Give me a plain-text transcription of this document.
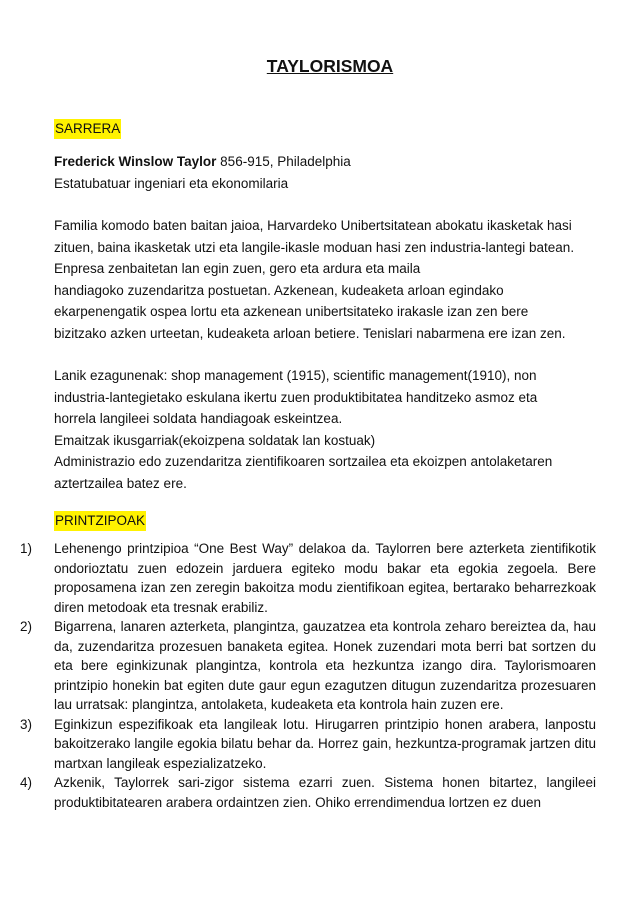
TAYLORISMOA
SARRERA

Frederick Winslow Taylor 856-915, Philadelphia

Estatubatuar ingeniari eta ekonomilaria

Familia komodo baten baitan jaioa, Harvardeko Unibertsitatean abokatu ikasketak hasi

zituen, baina ikasketak utzi eta langile-ikasle moduan hasi zen industria-lantegi batean.

Enpresa zenbaitetan lan egin zuen, gero eta ardura eta maila

handiagoko zuzendaritza postuetan. Azkenean, kudeaketa arloan egindako

ekarpenengatik ospea lortu eta azkenean unibertsitateko irakasle izan zen bere

bizitzako azken urteetan, kudeaketa arloan betiere. Tenislari nabarmena ere izan zen.

Lanik ezagunenak: shop management (1915), scientific management(1910), non

industria-lantegietako eskulana ikertu zuen produktibitatea handitzeko asmoz eta

horrela langileei soldata handiagoak eskeintzea.

Emaitzak ikusgarriak(ekoizpena soldatak lan kostuak)

Administrazio edo zuzendaritza zientifikoaren sortzailea eta ekoizpen antolaketaren

aztertzailea batez ere.

PRINTZIPOAK
1) Lehenengo printzipioa “One Best Way” delakoa da. Taylorren bere azterketa zientifikotik ondorioztatu zuen edozein jarduera egiteko modu bakar eta egokia zegoela. Bere proposamena izan zen zeregin bakoitza modu zientifikoan egitea, bertarako beharrezkoak diren metodoak eta tresnak erabiliz.
2) Bigarrena, lanaren azterketa, plangintza, gauzatzea eta kontrola zeharo bereiztea da, hau da, zuzendaritza prozesuen banaketa egitea. Honek zuzendari mota berri bat sortzen du eta bere eginkizunak plangintza, kontrola eta hezkuntza izango dira. Taylorismoaren printzipio honekin bat egiten dute gaur egun ezagutzen ditugun zuzendaritza prozesuaren lau urratsak: plangintza, antolaketa, kudeaketa eta kontrola hain zuzen ere.
3) Eginkizun espezifikoak eta langileak lotu. Hirugarren printzipio honen arabera, lanpostu bakoitzerako langile egokia bilatu behar da. Horrez gain, hezkuntza-programak jartzen ditu martxan langileak espezializatzeko.
4) Azkenik, Taylorrek sari-zigor sistema ezarri zuen. Sistema honen bitartez, langileei produktibitatearen arabera ordaintzen zien. Ohiko errendimendua lortzen ez duen
